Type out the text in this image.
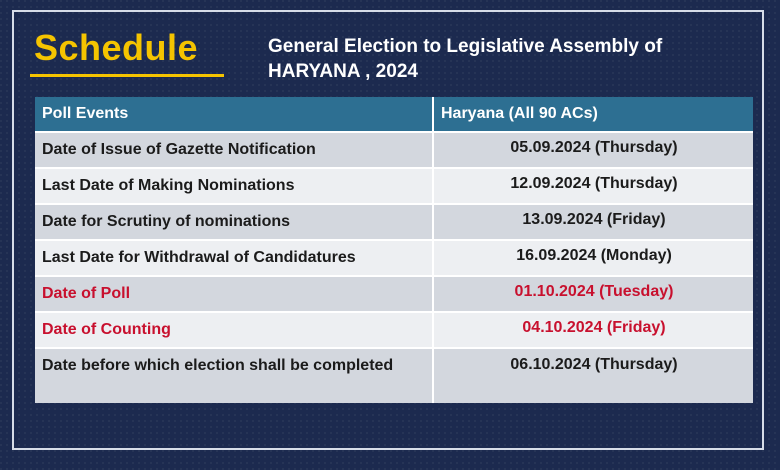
Schedule	General Election to Legislative Assembly of
HARYANA , 2024
Poll Events	Haryana (All 90 ACs)
Date of Issue of Gazette Notification	05.09.2024 (Thursday)
Last Date of Making Nominations	12.09.2024 (Thursday)
Date for Scrutiny of nominations	13.09.2024 (Friday)
Last Date for Withdrawal of Candidatures	16.09.2024 (Monday)
Date of Poll	01.10.2024 (Tuesday)
Date of Counting	04.10.2024 (Friday)
Date before which election shall be completed	06.10.2024 (Thursday)
